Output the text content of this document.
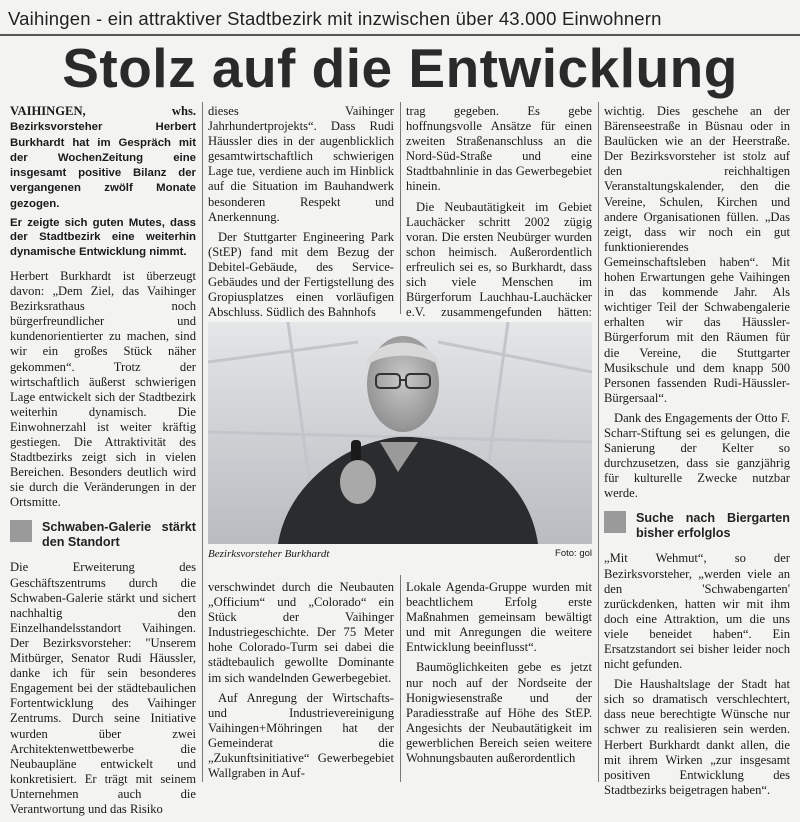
Vaihingen - ein attraktiver Stadtbezirk mit inzwischen über 43.000 Einwohnern
Stolz auf die Entwicklung

VAIHINGEN, whs. Bezirksvorsteher Herbert Burkhardt hat im Gespräch mit der WochenZeitung eine insgesamt positive Bilanz der vergangenen zwölf Monate gezogen.

Er zeigte sich guten Mutes, dass der Stadtbezirk eine weiterhin dynamische Entwicklung nimmt.

Herbert Burkhardt ist überzeugt davon: „Dem Ziel, das Vaihinger Bezirksrathaus noch bürgerfreundlicher und kundenorientierter zu machen, sind wir ein großes Stück näher gekommen“. Trotz der wirtschaftlich äußerst schwierigen Lage entwickelt sich der Stadtbezirk weiterhin dynamisch. Die Einwohnerzahl ist weiter kräftig gestiegen. Die Attraktivität des Stadtbezirks zeigt sich in vielen Bereichen. Besonders deutlich wird sie durch die Veränderungen in der Ortsmitte.

Schwaben-Galerie stärkt den Standort

Die Erweiterung des Geschäftszentrums durch die Schwaben-Galerie stärkt und sichert nachhaltig den Einzelhandelsstandort Vaihingen. Der Bezirksvorsteher: "Unserem Mitbürger, Senator Rudi Häussler, danke ich für sein besonderes Engagement bei der städtebaulichen Fortentwicklung des Vaihinger Zentrums. Durch seine Initiative wurden über zwei Architektenwettbewerbe die Neubaupläne entwickelt und konkretisiert. Er trägt mit seinem Unternehmen auch die Verantwortung und das Risiko

dieses Vaihinger Jahrhundertprojekts“. Dass Rudi Häussler dies in der augenblicklich gesamtwirtschaftlich schwierigen Lage tue, verdiene auch im Hinblick auf die Situation im Bauhandwerk besonderen Respekt und Anerkennung.

Der Stuttgarter Engineering Park (StEP) fand mit dem Bezug der Debitel-Gebäude, des Service-Gebäudes und der Fertigstellung des Gropiusplatzes einen vorläufigen Abschluss. Südlich des Bahnhofs

trag gegeben. Es gebe hoffnungsvolle Ansätze für einen zweiten Straßenanschluss an die Nord-Süd-Straße und eine Stadtbahnlinie in das Gewerbegebiet hinein.

Die Neubautätigkeit im Gebiet Lauchäcker schritt 2002 zügig voran. Die ersten Neubürger wurden schon heimisch. Außerordentlich erfreulich sei es, so Burkhardt, dass sich viele Menschen im Bürgerforum Lauchhau-Lauchäcker e.V. zusammengefunden hätten:

Bezirksvorsteher Burkhardt	Foto: gol

verschwindet durch die Neubauten „Officium“ und „Colorado“ ein Stück der Vaihinger Industriegeschichte. Der 75 Meter hohe Colorado-Turm sei dabei die städtebaulich gewollte Dominante im sich wandelnden Gewerbegebiet.

Auf Anregung der Wirtschafts- und Industrievereinigung Vaihingen+Möhringen hat der Gemeinderat die „Zukunftsinitiative“ Gewerbegebiet Wallgraben in Auf-

Lokale Agenda-Gruppe wurden mit beachtlichem Erfolg erste Maßnahmen gemeinsam bewältigt und mit Anregungen die weitere Entwicklung beeinflusst“.

Baumöglichkeiten gebe es jetzt nur noch auf der Nordseite der Honigwiesenstraße und der Paradiesstraße auf Höhe des StEP. Angesichts der Neubautätigkeit im gewerblichen Bereich seien weitere Wohnungsbauten außerordentlich

wichtig. Dies geschehe an der Bärenseestraße in Büsnau oder in Baulücken wie an der Heerstraße. Der Bezirksvorsteher ist stolz auf den reichhaltigen Veranstaltungskalender, den die Vereine, Schulen, Kirchen und andere Organisationen füllen. „Das zeigt, dass wir noch ein gut funktionierendes Gemeinschaftsleben haben“. Mit hohen Erwartungen gehe Vaihingen in das kommende Jahr. Als wichtiger Teil der Schwabengalerie erhalten wir das Häussler-Bürgerforum mit den Räumen für die Vereine, die Stuttgarter Musikschule und dem knapp 500 Personen fassenden Rudi-Häussler-Bürgersaal“.

Dank des Engagements der Otto F. Scharr-Stiftung sei es gelungen, die Sanierung der Kelter so durchzusetzen, dass sie ganzjährig für kulturelle Zwecke nutzbar werde.

Suche nach Biergarten bisher erfolglos

„Mit Wehmut“, so der Bezirksvorsteher, „werden viele an den 'Schwabengarten' zurückdenken, hatten wir mit ihm doch eine Attraktion, um die uns viele beneidet haben“. Ein Ersatzstandort sei bisher leider noch nicht gefunden.

Die Haushaltslage der Stadt hat sich so dramatisch verschlechtert, dass neue berechtigte Wünsche nur schwer zu realisieren sein werden. Herbert Burkhardt dankt allen, die mit ihrem Wirken „zur insgesamt positiven Entwicklung des Stadtbezirks beigetragen haben“.
